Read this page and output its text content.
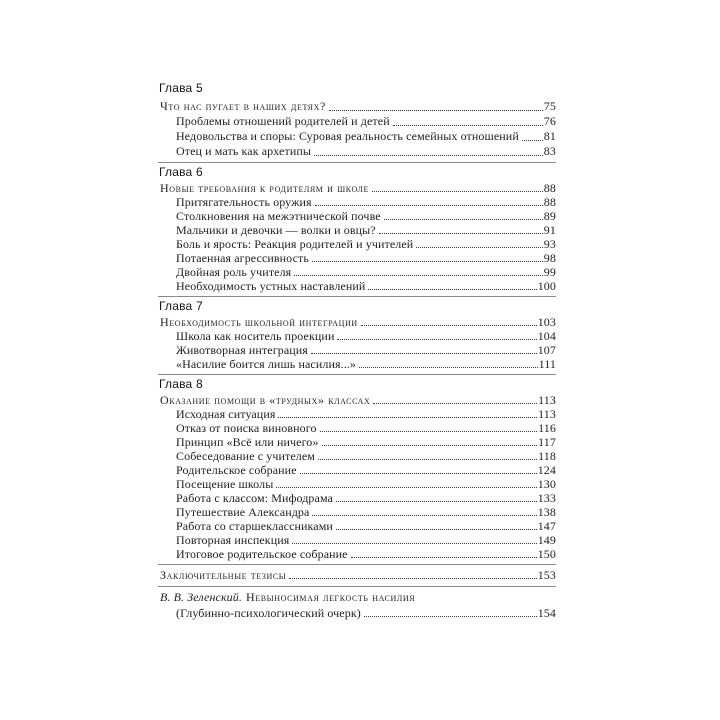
Глава 5
Что нас пугает в наших детях?	75
Проблемы отношений родителей и детей	76
Недовольства и споры: Суровая реальность семейных отношений 81
Отец и мать как архетипы	83
Глава 6
Новые требования к родителям и школе	88
Притягательность оружия	88
Столкновения на межэтнической почве	89
Мальчики и девочки — волки и овцы?	91
Боль и ярость: Реакция родителей и учителей	93
Потаенная агрессивность	98
Двойная роль учителя	99
Необходимость устных наставлений	100
Глава 7
Необходимость школьной интеграции	103
Школа как носитель проекции	104
Животворная интеграция	107
«Насилие боится лишь насилия...»	111
Глава 8
Оказание помощи в «трудных» классах	113
Исходная ситуация	113
Отказ от поиска виновного	116
Принцип «Всё или ничего»	117
Собеседование с учителем	118
Родительское собрание	124
Посещение школы	130
Работа с классом: Мифодрама	133
Путешествие Александра	138
Работа со старшеклассниками	147
Повторная инспекция	149
Итоговое родительское собрание	150
Заключительные тезисы	153
В. В. Зеленский. Невыносимая легкость насилия
(Глубинно-психологический очерк)	154
